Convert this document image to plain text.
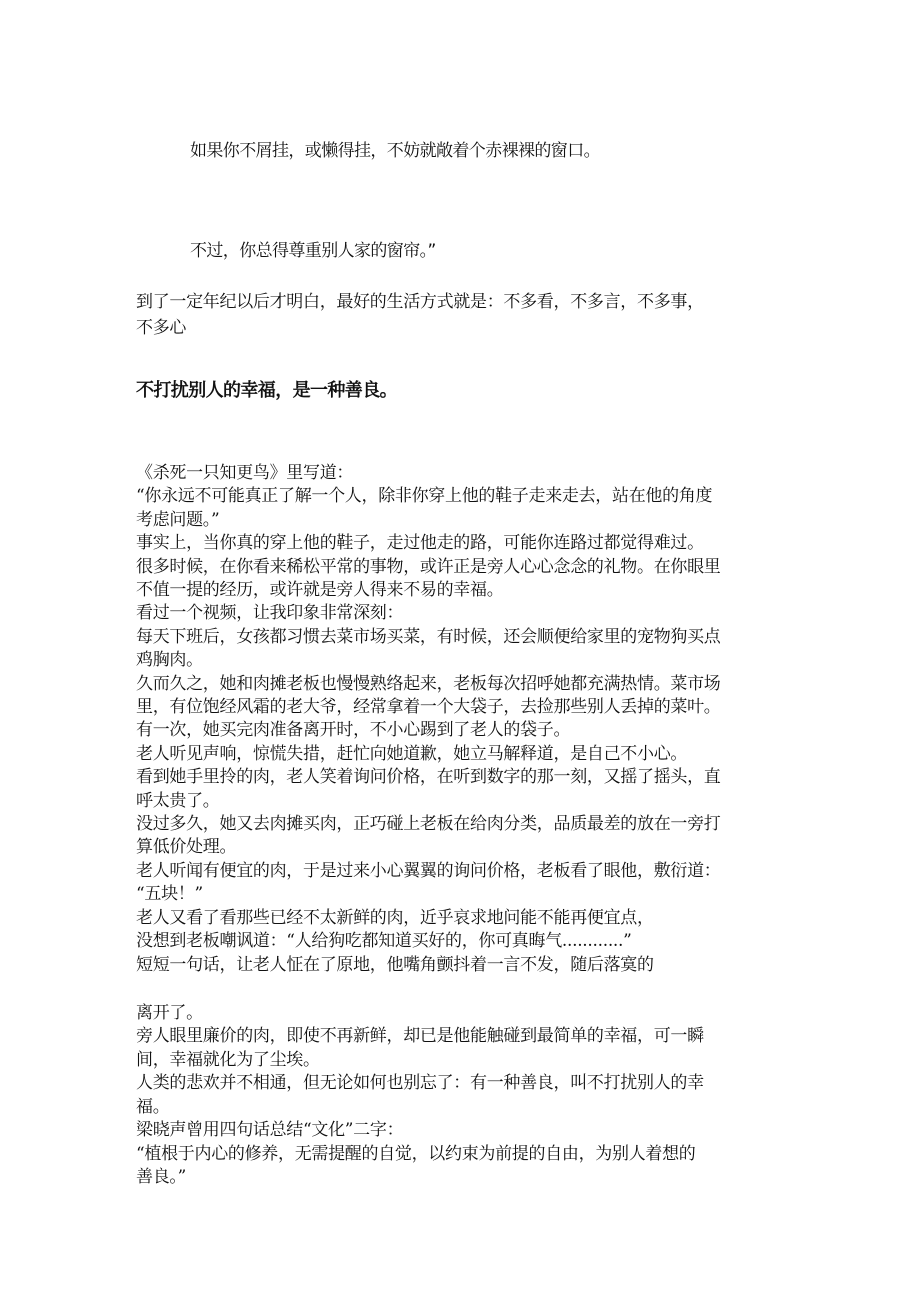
如果你不屑挂，或懒得挂，不妨就敞着个赤裸裸的窗口。

不过，你总得尊重别人家的窗帘。”

到了一定年纪以后才明白，最好的生活方式就是：不多看，不多言，不多事，

不多心

不打扰别人的幸福，是一种善良。

《杀死一只知更鸟》里写道：

“你永远不可能真正了解一个人，除非你穿上他的鞋子走来走去，站在他的角度

考虑问题。”

事实上，当你真的穿上他的鞋子，走过他走的路，可能你连路过都觉得难过。

很多时候，在你看来稀松平常的事物，或许正是旁人心心念念的礼物。在你眼里

不值一提的经历，或许就是旁人得来不易的幸福。

看过一个视频，让我印象非常深刻：

每天下班后，女孩都习惯去菜市场买菜，有时候，还会顺便给家里的宠物狗买点

鸡胸肉。

久而久之，她和肉摊老板也慢慢熟络起来，老板每次招呼她都充满热情。菜市场

里，有位饱经风霜的老大爷，经常拿着一个大袋子，去捡那些别人丢掉的菜叶。

有一次，她买完肉准备离开时，不小心踢到了老人的袋子。

老人听见声响，惊慌失措，赶忙向她道歉，她立马解释道，是自己不小心。

看到她手里拎的肉，老人笑着询问价格，在听到数字的那一刻，又摇了摇头，直

呼太贵了。

没过多久，她又去肉摊买肉，正巧碰上老板在给肉分类，品质最差的放在一旁打

算低价处理。

老人听闻有便宜的肉，于是过来小心翼翼的询问价格，老板看了眼他，敷衍道：

“五块！”

老人又看了看那些已经不太新鲜的肉，近乎哀求地问能不能再便宜点，

没想到老板嘲讽道：“人给狗吃都知道买好的，你可真晦气............”

短短一句话，让老人怔在了原地，他嘴角颤抖着一言不发，随后落寞的

离开了。

旁人眼里廉价的肉，即使不再新鲜，却已是他能触碰到最简单的幸福，可一瞬

间，幸福就化为了尘埃。

人类的悲欢并不相通，但无论如何也别忘了：有一种善良，叫不打扰别人的幸

福。

梁晓声曾用四句话总结“文化”二字：

“植根于内心的修养，无需提醒的自觉，以约束为前提的自由，为别人着想的

善良。”
